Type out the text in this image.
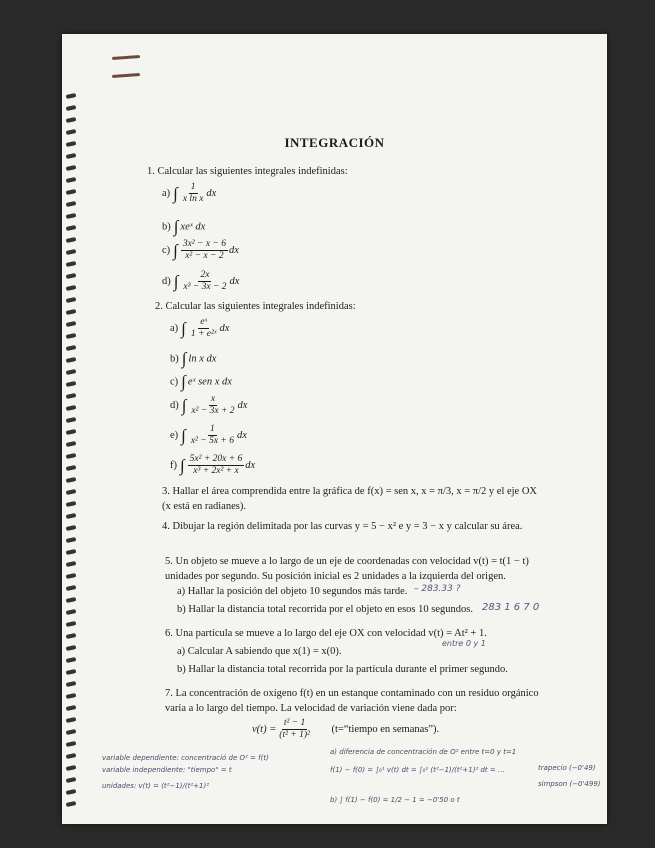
INTEGRACIÓN
1. Calcular las siguientes integrales indefinidas:
a) ∫ $\frac{1}{\text{x ln x}}$ dx
b) ∫ xeˣ dx
c) ∫ $\frac{\text{3x² − x − 6}}{\text{x² − x − 2}}$ dx
d) ∫ $\frac{2x}{\text{x³ − 3x − 2}}$ dx
2. Calcular las siguientes integrales indefinidas:
a) ∫ $\frac{\text{eˣ}}{\text{1 + e²ˣ}}$ dx
b) ∫ ln x dx
c) ∫ eˣ sen x dx
d) ∫ $\frac{x}{\text{x² − 3x + 2}}$ dx
e) ∫ $\frac{1}{\text{x² − 5x + 6}}$ dx
f) ∫ $\frac{\text{5x² + 20x + 6}}{\text{x³ + 2x² + x}}$ dx
3. Hallar el área comprendida entre la gráfica de f(x) = sen x, x = π/3, x = π/2 y el eje OX (x está en radianes).
4. Dibujar la región delimitada por las curvas y = 5 − x² e y = 3 − x y calcular su área.
5. Un objeto se mueve a lo largo de un eje de coordenadas con velocidad v(t) = t(1 − t) unidades por segundo. Su posición inicial es 2 unidades a la izquierda del origen.
a) Hallar la posición del objeto 10 segundos más tarde. – 283.33 ?
b) Hallar la distancia total recorrida por el objeto en esos 10 segundos. 283 1 6 7 0
6. Una partícula se mueve a lo largo del eje OX con velocidad v(t) = At² + 1.
entre 0 y 1
a) Calcular A sabiendo que x(1) = x(0).
b) Hallar la distancia total recorrida por la partícula durante el primer segundo.
7. La concentración de oxígeno f(t) en un estanque contaminado con un residuo orgánico varía a lo largo del tiempo. La velocidad de variación viene dada por:
$v(t) = \frac{\text{t² − 1}}{\text{(t² + 1)²}}$ (t=“tiempo en semanas”).
variable dependiente: concentració de O² = f(t)
variable independiente: "tiempo" = t
unidades: v(t) = (t²−1)/(t²+1)²
a) diferencia de concentración de O² entre t=0 y t=1
f(1) − f(0) = ∫₀¹ v(t) dt = ∫₀¹ (t²−1)/(t²+1)² dt = ...	trapecio (−0'49)
simpson (−0'499)
b) ∫ f(1) − f(0) = 1/2 − 1 = −0'50 o t
